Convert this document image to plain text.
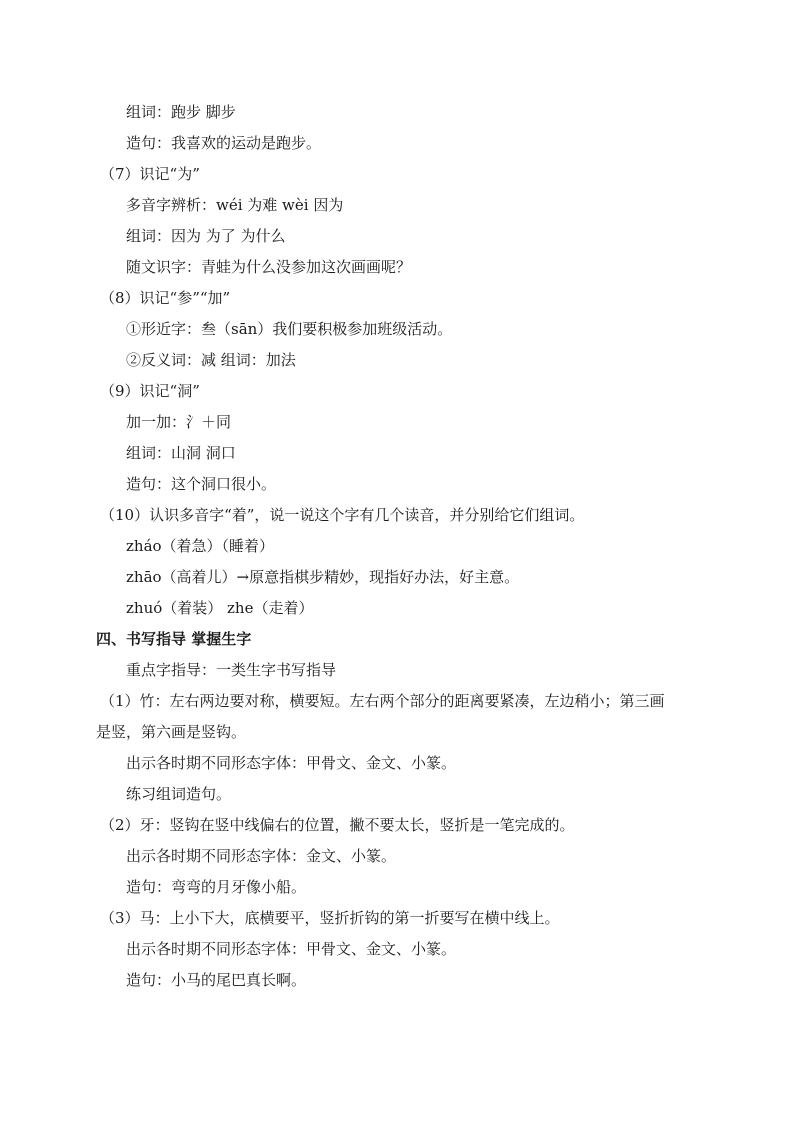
组词：跑步 脚步
造句：我喜欢的运动是跑步。
（7）识记“为”
多音字辨析：wéi 为难 wèi 因为
组词：因为 为了 为什么
随文识字：青蛙为什么没参加这次画画呢？
（8）识记“参”“加”
①形近字：叁（sān）我们要积极参加班级活动。
②反义词：减 组词：加法
（9）识记“洞”
加一加：氵＋同
组词：山洞 洞口
造句：这个洞口很小。
（10）认识多音字“着”，说一说这个字有几个读音，并分别给它们组词。
zháo（着急）（睡着）
zhāo（高着儿）→原意指棋步精妙，现指好办法，好主意。
zhuó（着装） zhe（走着）
四、书写指导 掌握生字
重点字指导：一类生字书写指导
（1）竹：左右两边要对称，横要短。左右两个部分的距离要紧凑，左边稍小；第三画
是竖，第六画是竖钩。
出示各时期不同形态字体：甲骨文、金文、小篆。
练习组词造句。
（2）牙：竖钩在竖中线偏右的位置，撇不要太长，竖折是一笔完成的。
出示各时期不同形态字体：金文、小篆。
造句：弯弯的月牙像小船。
（3）马：上小下大，底横要平，竖折折钩的第一折要写在横中线上。
出示各时期不同形态字体：甲骨文、金文、小篆。
造句：小马的尾巴真长啊。
